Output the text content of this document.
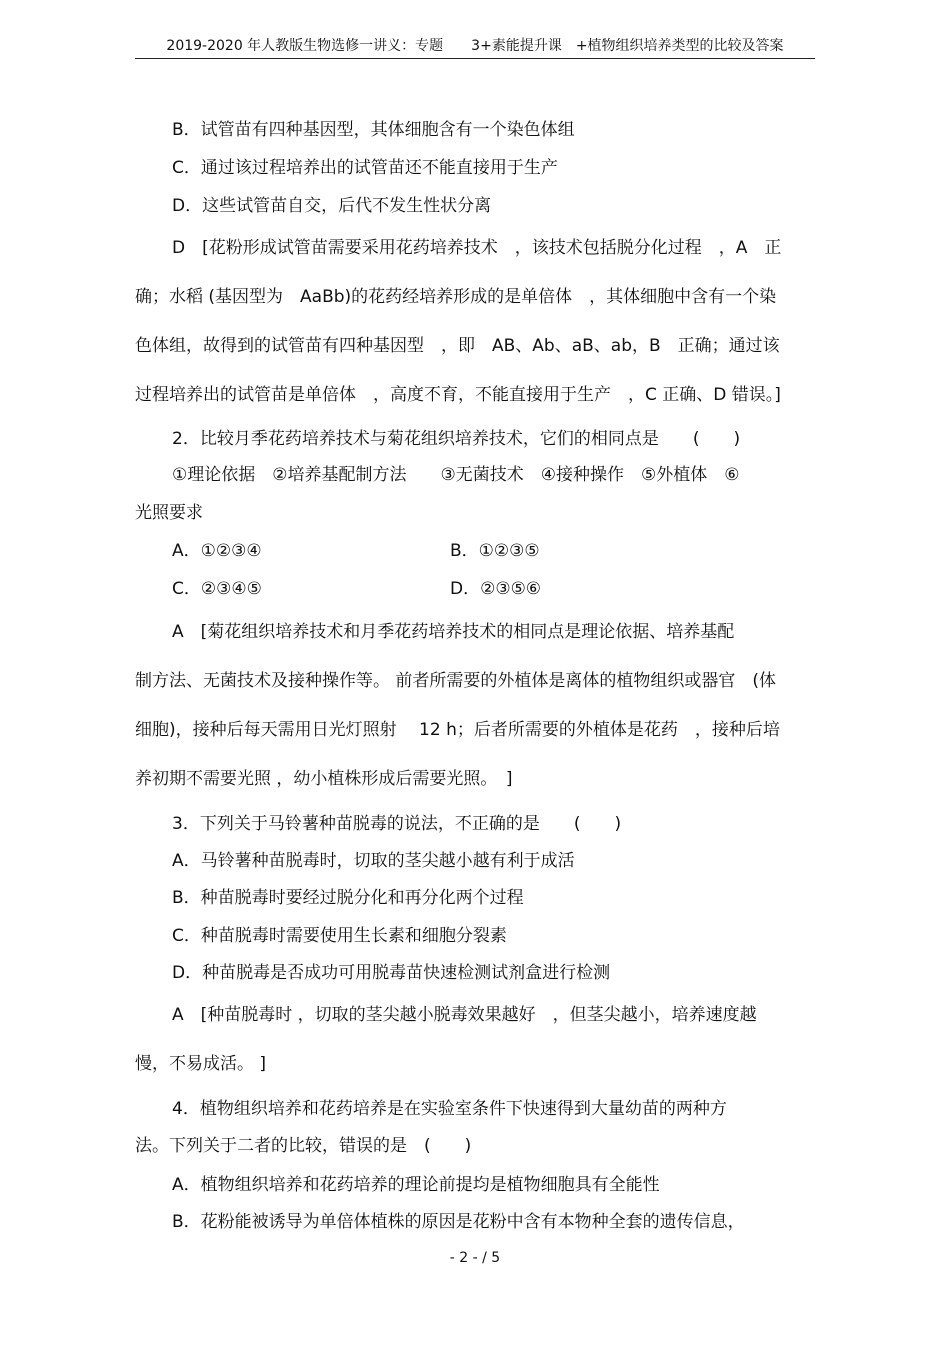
2019-2020 年人教版生物选修一讲义：专题　　3+素能提升课　+植物组织培养类型的比较及答案
B．试管苗有四种基因型，其体细胞含有一个染色体组
C．通过该过程培养出的试管苗还不能直接用于生产
D．这些试管苗自交，后代不发生性状分离
D　[花粉形成试管苗需要采用花药培养技术　，该技术包括脱分化过程　，A　正
确；水稻 (基因型为　AaBb)的花药经培养形成的是单倍体　，其体细胞中含有一个染
色体组，故得到的试管苗有四种基因型　，即　AB、Ab、aB、ab，B　正确；通过该
过程培养出的试管苗是单倍体　，高度不育，不能直接用于生产　，C 正确、D 错误。]
2．比较月季花药培养技术与菊花组织培养技术，它们的相同点是　　(　　)
①理论依据　②培养基配制方法　　③无菌技术　④接种操作　⑤外植体　⑥
光照要求
A．①②③④	B．①②③⑤
C．②③④⑤	D．②③⑤⑥
A　[菊花组织培养技术和月季花药培养技术的相同点是理论依据、培养基配
制方法、无菌技术及接种操作等。 前者所需要的外植体是离体的植物组织或器官　(体
细胞)，接种后每天需用日光灯照射　 12 h；后者所需要的外植体是花药　，接种后培
养初期不需要光照 ，幼小植株形成后需要光照。　]
3．下列关于马铃薯种苗脱毒的说法，不正确的是　　(　　)
A．马铃薯种苗脱毒时，切取的茎尖越小越有利于成活
B．种苗脱毒时要经过脱分化和再分化两个过程
C．种苗脱毒时需要使用生长素和细胞分裂素
D．种苗脱毒是否成功可用脱毒苗快速检测试剂盒进行检测
A　[种苗脱毒时 ，切取的茎尖越小脱毒效果越好　，但茎尖越小，培养速度越
慢，不易成活。 ]
4．植物组织培养和花药培养是在实验室条件下快速得到大量幼苗的两种方
法。下列关于二者的比较，错误的是　(　　)
A．植物组织培养和花药培养的理论前提均是植物细胞具有全能性
B．花粉能被诱导为单倍体植株的原因是花粉中含有本物种全套的遗传信息，
- 2 - / 5
